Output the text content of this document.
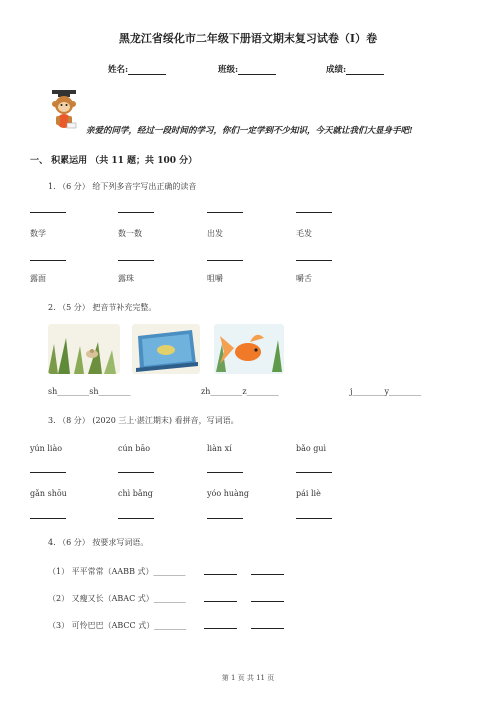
黑龙江省绥化市二年级下册语文期末复习试卷（I）卷
姓名:	班级:	成绩:
亲爱的同学，经过一段时间的学习，你们一定学到不少知识，今天就让我们大显身手吧!
一、 积累运用 （共 11 题；共 100 分）
1. （6 分） 给下列多音字写出正确的读音
数学	数一数	出发	毛发
露面	露珠	咀嚼	嚼舌
2. （5 分） 把音节补充完整。
sh________sh________	zh________z________	j________y________
3. （8 分） (2020 三上·湛江期末) 看拼音，写词语。
yún liào	cún bāo	liàn xí	bǎo guì
gǎn shōu	chì bǎng	yóo huàng	pái liè
4. （6 分） 按要求写词语。
（1） 平平常常（AABB 式）________
（2） 又瘦又长（ABAC 式）________
（3） 可怜巴巴（ABCC 式）________
第 1 页 共 11 页
